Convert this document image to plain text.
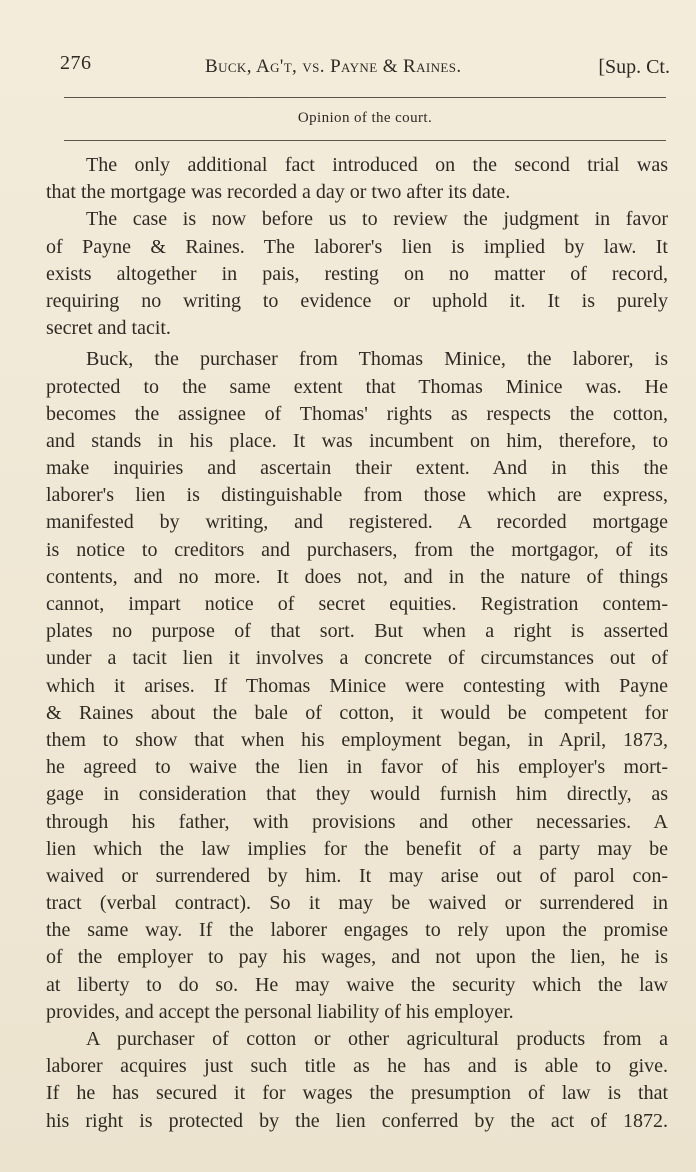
276	Buck, Ag't, vs. Payne & Raines.	[Sup. Ct.
Opinion of the court.
The only additional fact introduced on the second trial was
that the mortgage was recorded a day or two after its date.
The case is now before us to review the judgment in favor
of Payne & Raines. The laborer's lien is implied by law. It
exists altogether in pais, resting on no matter of record,
requiring no writing to evidence or uphold it. It is purely
secret and tacit.
Buck, the purchaser from Thomas Minice, the laborer, is
protected to the same extent that Thomas Minice was. He
becomes the assignee of Thomas' rights as respects the cotton,
and stands in his place. It was incumbent on him, therefore, to
make inquiries and ascertain their extent. And in this the
laborer's lien is distinguishable from those which are express,
manifested by writing, and registered. A recorded mortgage
is notice to creditors and purchasers, from the mortgagor, of its
contents, and no more. It does not, and in the nature of things
cannot, impart notice of secret equities. Registration contem-
plates no purpose of that sort. But when a right is asserted
under a tacit lien it involves a concrete of circumstances out of
which it arises. If Thomas Minice were contesting with Payne
& Raines about the bale of cotton, it would be competent for
them to show that when his employment began, in April, 1873,
he agreed to waive the lien in favor of his employer's mort-
gage in consideration that they would furnish him directly, as
through his father, with provisions and other necessaries. A
lien which the law implies for the benefit of a party may be
waived or surrendered by him. It may arise out of parol con-
tract (verbal contract). So it may be waived or surrendered in
the same way. If the laborer engages to rely upon the promise
of the employer to pay his wages, and not upon the lien, he is
at liberty to do so. He may waive the security which the law
provides, and accept the personal liability of his employer.
A purchaser of cotton or other agricultural products from a
laborer acquires just such title as he has and is able to give.
If he has secured it for wages the presumption of law is that
his right is protected by the lien conferred by the act of 1872.
